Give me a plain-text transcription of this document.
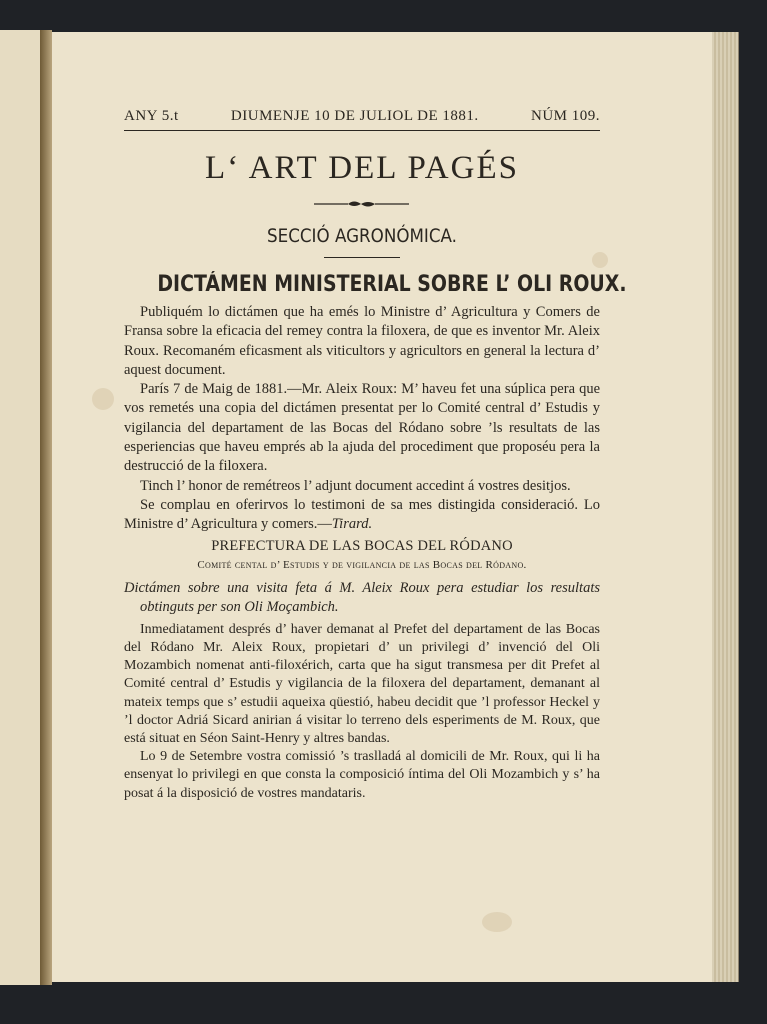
ANY 5.t	DIUMENJE 10 DE JULIOL DE 1881.	NÚM 109.
L‘ ART DEL PAGÉS
SECCIÓ AGRONÓMICA.
DICTÁMEN MINISTERIAL SOBRE L’ OLI ROUX.

Publiquém lo dictámen que ha emés lo Ministre d’ Agricultura y Comers de Fransa sobre la eficacia del remey contra la filoxera, de que es inventor Mr. Aleix Roux. Recomaném eficasment als viticultors y agricultors en general la lectura d’ aquest document.

París 7 de Maig de 1881.—Mr. Aleix Roux: M’ haveu fet una súplica pera que vos remetés una copia del dictámen presentat per lo Comité central d’ Estudis y vigilancia del departament de las Bocas del Ródano sobre ’ls resultats de las esperiencias que haveu emprés ab la ajuda del procediment que proposéu pera la destrucció de la filoxera.

Tinch l’ honor de remétreos l’ adjunt document accedint á vostres desitjos.

Se complau en oferirvos lo testimoni de sa mes distingida consideració. Lo Ministre d’ Agricultura y comers.—Tirard.

PREFECTURA DE LAS BOCAS DEL RÓDANO

Comité cental d’ Estudis y de vigilancia de las Bocas del Ródano.

Dictámen sobre una visita feta á M. Aleix Roux pera estudiar los resultats obtinguts per son Oli Moçambich.

Inmediatament després d’ haver demanat al Prefet del departament de las Bocas del Ródano Mr. Aleix Roux, propietari d’ un privilegi d’ invenció del Oli Mozambich nomenat anti-filoxérich, carta que ha sigut transmesa per dit Prefet al Comité central d’ Estudis y vigilancia de la filoxera del departament, demanant al mateix temps que s’ estudii aqueixa qüestió, habeu decidit que ’l professor Heckel y ’l doctor Adriá Sicard anirian á visitar lo terreno dels esperiments de M. Roux, que está situat en Séon Saint-Henry y altres bandas.

Lo 9 de Setembre vostra comissió ’s traslladá al domicili de Mr. Roux, qui li ha ensenyat lo privilegi en que consta la composició íntima del Oli Mozambich y s’ ha posat á la disposició de vostres mandataris.
